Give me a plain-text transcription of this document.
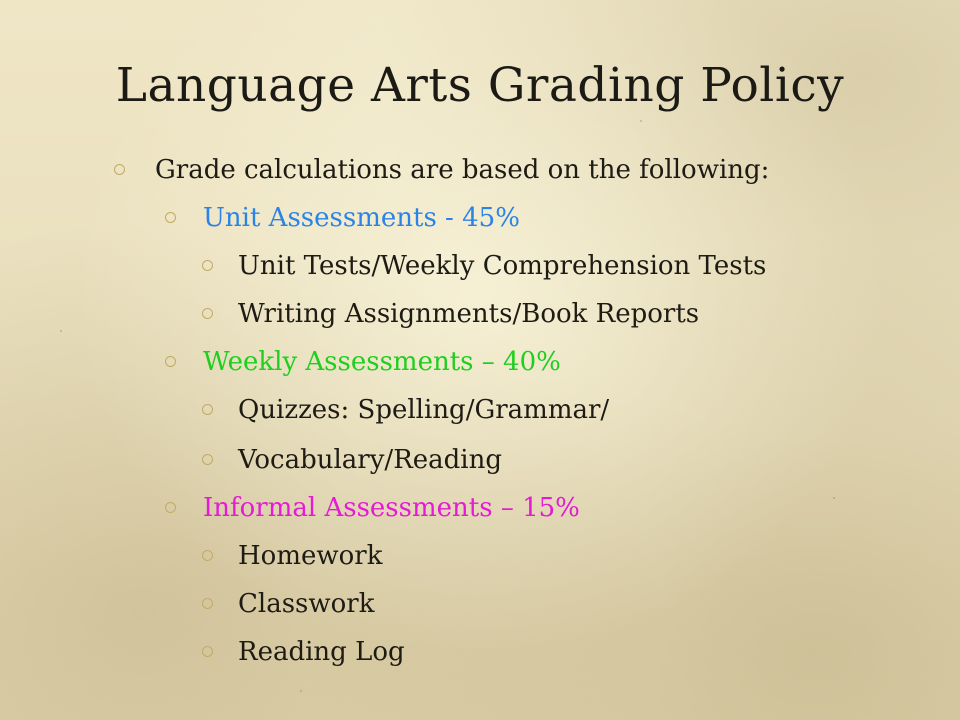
Language Arts Grading Policy
Grade calculations are based on the following:
Unit Assessments - 45%
Unit Tests/Weekly Comprehension Tests
Writing Assignments/Book Reports
Weekly Assessments – 40%
Quizzes: Spelling/Grammar/
Vocabulary/Reading
Informal Assessments – 15%
Homework
Classwork
Reading Log
